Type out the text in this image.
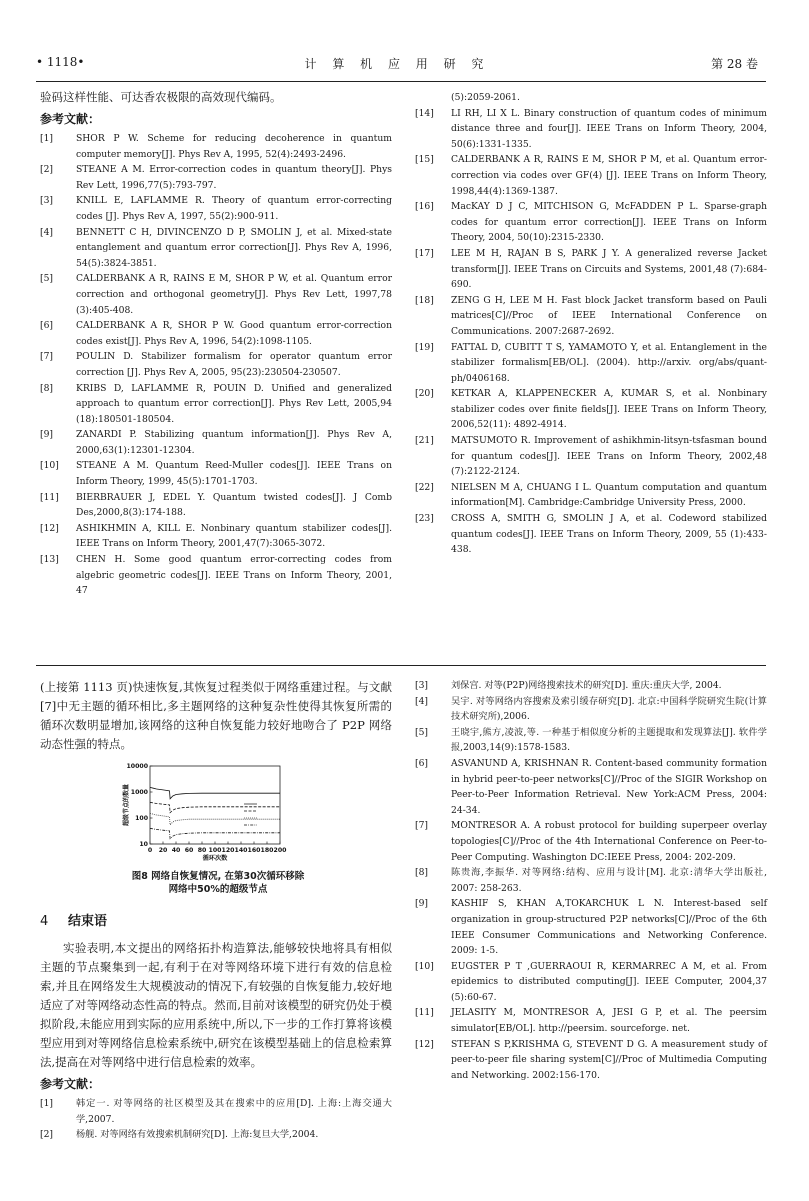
• 1118•	计 算 机 应 用 研 究	第 28 卷

验码这样性能、可达香农极限的高效现代编码。

参考文献：
[1]	SHOR P W. Scheme for reducing decoherence in quantum computer memory[J]. Phys Rev A, 1995, 52(4):2493-2496.
[2]	STEANE A M. Error-correction codes in quantum theory[J]. Phys Rev Lett, 1996,77(5):793-797.
[3]	KNILL E, LAFLAMME R. Theory of quantum error-correcting codes [J]. Phys Rev A, 1997, 55(2):900-911.
[4]	BENNETT C H, DIVINCENZO D P, SMOLIN J, et al. Mixed-state entanglement and quantum error correction[J]. Phys Rev A, 1996, 54(5):3824-3851.
[5]	CALDERBANK A R, RAINS E M, SHOR P W, et al. Quantum error correction and orthogonal geometry[J]. Phys Rev Lett, 1997,78 (3):405-408.
[6]	CALDERBANK A R, SHOR P W. Good quantum error-correction codes exist[J]. Phys Rev A, 1996, 54(2):1098-1105.
[7]	POULIN D. Stabilizer formalism for operator quantum error correction [J]. Phys Rev A, 2005, 95(23):230504-230507.
[8]	KRIBS D, LAFLAMME R, POUIN D. Unified and generalized approach to quantum error correction[J]. Phys Rev Lett, 2005,94 (18):180501-180504.
[9]	ZANARDI P. Stabilizing quantum information[J]. Phys Rev A, 2000,63(1):12301-12304.
[10]	STEANE A M. Quantum Reed-Muller codes[J]. IEEE Trans on Inform Theory, 1999, 45(5):1701-1703.
[11]	BIERBRAUER J, EDEL Y. Quantum twisted codes[J]. J Comb Des,2000,8(3):174-188.
[12]	ASHIKHMIN A, KILL E. Nonbinary quantum stabilizer codes[J]. IEEE Trans on Inform Theory, 2001,47(7):3065-3072.
[13]	CHEN H. Some good quantum error-correcting codes from algebric geometric codes[J]. IEEE Trans on Inform Theory, 2001, 47
(5):2059-2061.
[14]	LI RH, LI X L. Binary construction of quantum codes of minimum distance three and four[J]. IEEE Trans on Inform Theory, 2004, 50(6):1331-1335.
[15]	CALDERBANK A R, RAINS E M, SHOR P M, et al. Quantum error-correction via codes over GF(4) [J]. IEEE Trans on Inform Theory, 1998,44(4):1369-1387.
[16]	MacKAY D J C, MITCHISON G, McFADDEN P L. Sparse-graph codes for quantum error correction[J]. IEEE Trans on Inform Theory, 2004, 50(10):2315-2330.
[17]	LEE M H, RAJAN B S, PARK J Y. A generalized reverse Jacket transform[J]. IEEE Trans on Circuits and Systems, 2001,48 (7):684-690.
[18]	ZENG G H, LEE M H. Fast block Jacket transform based on Pauli matrices[C]//Proc of IEEE International Conference on Communications. 2007:2687-2692.
[19]	FATTAL D, CUBITT T S, YAMAMOTO Y, et al. Entanglement in the stabilizer formalism[EB/OL]. (2004). http://arxiv. org/abs/quant-ph/0406168.
[20]	KETKAR A, KLAPPENECKER A, KUMAR S, et al. Nonbinary stabilizer codes over finite fields[J]. IEEE Trans on Inform Theory, 2006,52(11): 4892-4914.
[21]	MATSUMOTO R. Improvement of ashikhmin-litsyn-tsfasman bound for quantum codes[J]. IEEE Trans on Inform Theory, 2002,48 (7):2122-2124.
[22]	NIELSEN M A, CHUANG I L. Quantum computation and quantum information[M]. Cambridge:Cambridge University Press, 2000.
[23]	CROSS A, SMITH G, SMOLIN J A, et al. Codeword stabilized quantum codes[J]. IEEE Trans on Inform Theory, 2009, 55 (1):433-438.

(上接第 1113 页)快速恢复,其恢复过程类似于网络重建过程。与文献[7]中无主题的循环相比,多主题网络的这种复杂性使得其恢复所需的循环次数明显增加,该网络的这种自恢复能力较好地吻合了 P2P 网络动态性强的特点。

0 20 40 60 80 100 120 140 160 180 200
10
100
1000
10000
循环次数
超级节点的数量
图8 网络自恢复情况, 在第30次循环移除
网络中50%的超级节点
4 结束语

实验表明,本文提出的网络拓扑构造算法,能够较快地将具有相似主题的节点聚集到一起,有利于在对等网络环境下进行有效的信息检索,并且在网络发生大规模波动的情况下,有较强的自恢复能力,较好地适应了对等网络动态性高的特点。然而,目前对该模型的研究仍处于模拟阶段,未能应用到实际的应用系统中,所以,下一步的工作打算将该模型应用到对等网络信息检索系统中,研究在该模型基础上的信息检索算法,提高在对等网络中进行信息检索的效率。

参考文献：
[1]	韩定一. 对等网络的社区模型及其在搜索中的应用[D]. 上海:上海交通大学,2007.
[2]	杨舰. 对等网络有效搜索机制研究[D]. 上海:复旦大学,2004.
[3]	刘保宫. 对等(P2P)网络搜索技术的研究[D]. 重庆:重庆大学, 2004.
[4]	吴宇. 对等网络内容搜索及索引缓存研究[D]. 北京:中国科学院研究生院(计算技术研究所),2006.
[5]	王晓宇,熊方,凌波,等. 一种基于相似度分析的主题提取和发现算法[J]. 软件学报,2003,14(9):1578-1583.
[6]	ASVANUND A, KRISHNAN R. Content-based community formation in hybrid peer-to-peer networks[C]//Proc of the SIGIR Workshop on Peer-to-Peer Information Retrieval. New York:ACM Press, 2004: 24-34.
[7]	MONTRESOR A. A robust protocol for building superpeer overlay topologies[C]//Proc of the 4th International Conference on Peer-to-Peer Computing. Washington DC:IEEE Press, 2004: 202-209.
[8]	陈贵海,李振华. 对等网络:结构、应用与设计[M]. 北京:清华大学出版社, 2007: 258-263.
[9]	KASHIF S, KHAN A,TOKARCHUK L N. Interest-based self organization in group-structured P2P networks[C]//Proc of the 6th IEEE Consumer Communications and Networking Conference. 2009: 1-5.
[10]	EUGSTER P T ,GUERRAOUI R, KERMARREC A M, et al. From epidemics to distributed computing[J]. IEEE Computer, 2004,37 (5):60-67.
[11]	JELASITY M, MONTRESOR A, JESI G P, et al. The peersim simulator[EB/OL]. http://peersim. sourceforge. net.
[12]	STEFAN S P,KRISHMA G, STEVENT D G. A measurement study of peer-to-peer file sharing system[C]//Proc of Multimedia Computing and Networking. 2002:156-170.
